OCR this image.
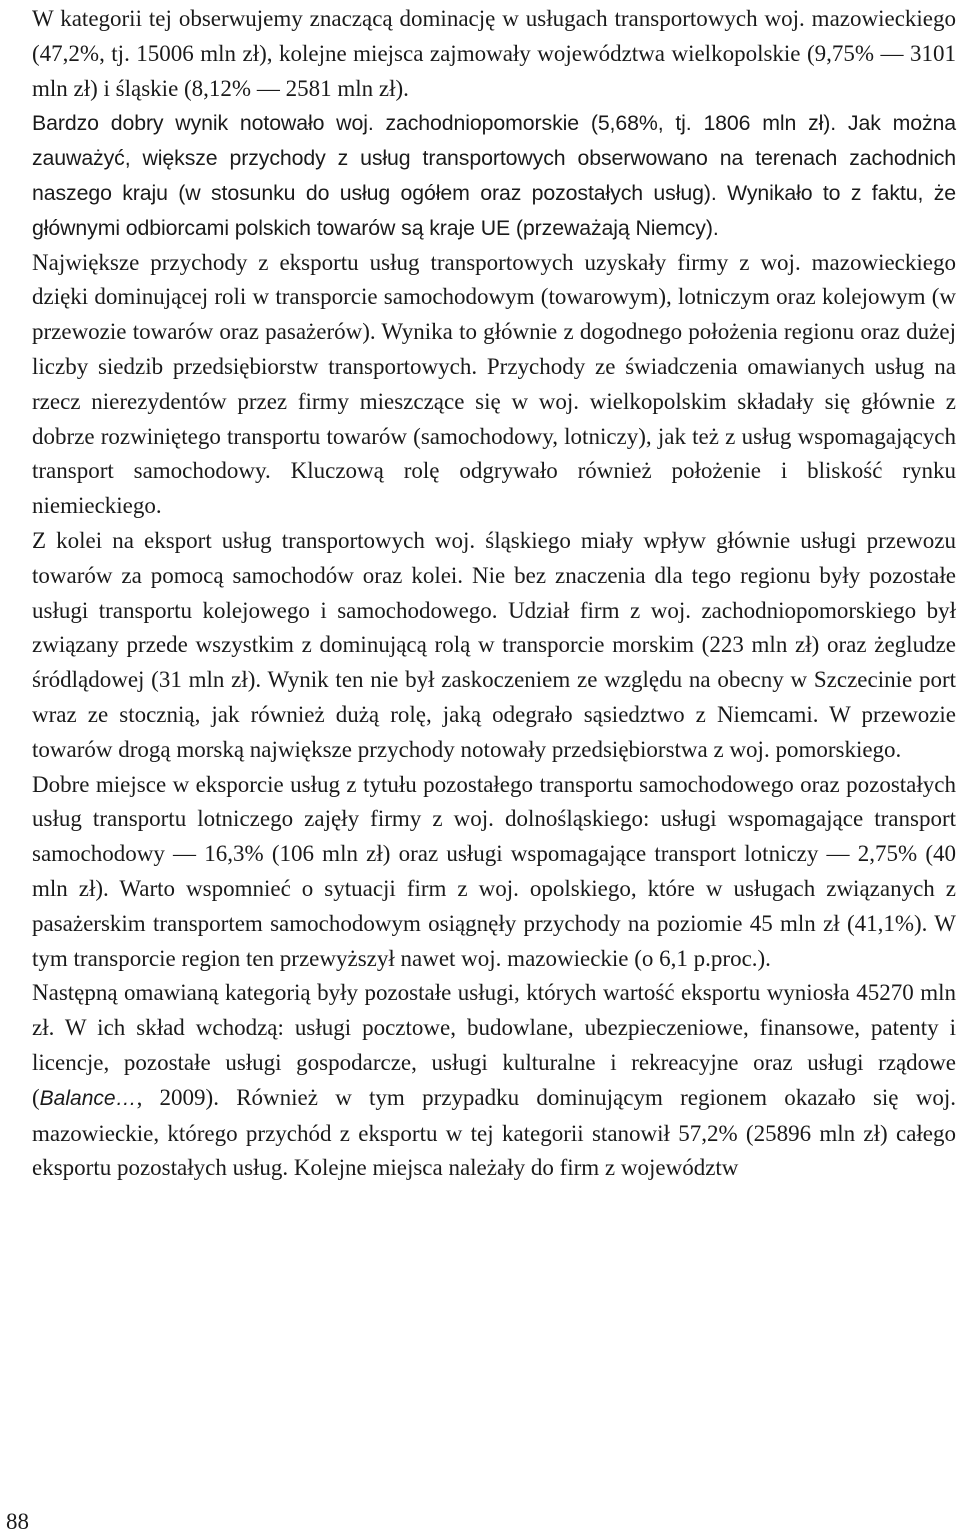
W kategorii tej obserwujemy znaczącą dominację w usługach transportowych woj. mazowieckiego (47,2%, tj. 15006 mln zł), kolejne miejsca zajmowały województwa wielkopolskie (9,75% — 3101 mln zł) i śląskie (8,12% — 2581 mln zł).

Bardzo dobry wynik notowało woj. zachodniopomorskie (5,68%, tj. 1806 mln zł). Jak można zauważyć, większe przychody z usług transportowych obserwowano na terenach zachodnich naszego kraju (w stosunku do usług ogółem oraz pozostałych usług). Wynikało to z faktu, że głównymi odbiorcami polskich towarów są kraje UE (przeważają Niemcy).

Największe przychody z eksportu usług transportowych uzyskały firmy z woj. mazowieckiego dzięki dominującej roli w transporcie samochodowym (towarowym), lotniczym oraz kolejowym (w przewozie towarów oraz pasażerów). Wynika to głównie z dogodnego położenia regionu oraz dużej liczby siedzib przedsiębiorstw transportowych. Przychody ze świadczenia omawianych usług na rzecz nierezydentów przez firmy mieszczące się w woj. wielkopolskim składały się głównie z dobrze rozwiniętego transportu towarów (samochodowy, lotniczy), jak też z usług wspomagających transport samochodowy. Kluczową rolę odgrywało również położenie i bliskość rynku niemieckiego.

Z kolei na eksport usług transportowych woj. śląskiego miały wpływ głównie usługi przewozu towarów za pomocą samochodów oraz kolei. Nie bez znaczenia dla tego regionu były pozostałe usługi transportu kolejowego i samochodowego. Udział firm z woj. zachodniopomorskiego był związany przede wszystkim z dominującą rolą w transporcie morskim (223 mln zł) oraz żegludze śródlądowej (31 mln zł). Wynik ten nie był zaskoczeniem ze względu na obecny w Szczecinie port wraz ze stocznią, jak również dużą rolę, jaką odegrało sąsiedztwo z Niemcami. W przewozie towarów drogą morską największe przychody notowały przedsiębiorstwa z woj. pomorskiego.

Dobre miejsce w eksporcie usług z tytułu pozostałego transportu samochodowego oraz pozostałych usług transportu lotniczego zajęły firmy z woj. dolnośląskiego: usługi wspomagające transport samochodowy — 16,3% (106 mln zł) oraz usługi wspomagające transport lotniczy — 2,75% (40 mln zł). Warto wspomnieć o sytuacji firm z woj. opolskiego, które w usługach związanych z pasażerskim transportem samochodowym osiągnęły przychody na poziomie 45 mln zł (41,1%). W tym transporcie region ten przewyższył nawet woj. mazowieckie (o 6,1 p.proc.).

Następną omawianą kategorią były pozostałe usługi, których wartość eksportu wyniosła 45270 mln zł. W ich skład wchodzą: usługi pocztowe, budowlane, ubezpieczeniowe, finansowe, patenty i licencje, pozostałe usługi gospodarcze, usługi kulturalne i rekreacyjne oraz usługi rządowe (Balance…, 2009). Również w tym przypadku dominującym regionem okazało się woj. mazowieckie, którego przychód z eksportu w tej kategorii stanowił 57,2% (25896 mln zł) całego eksportu pozostałych usług. Kolejne miejsca należały do firm z województw

88
